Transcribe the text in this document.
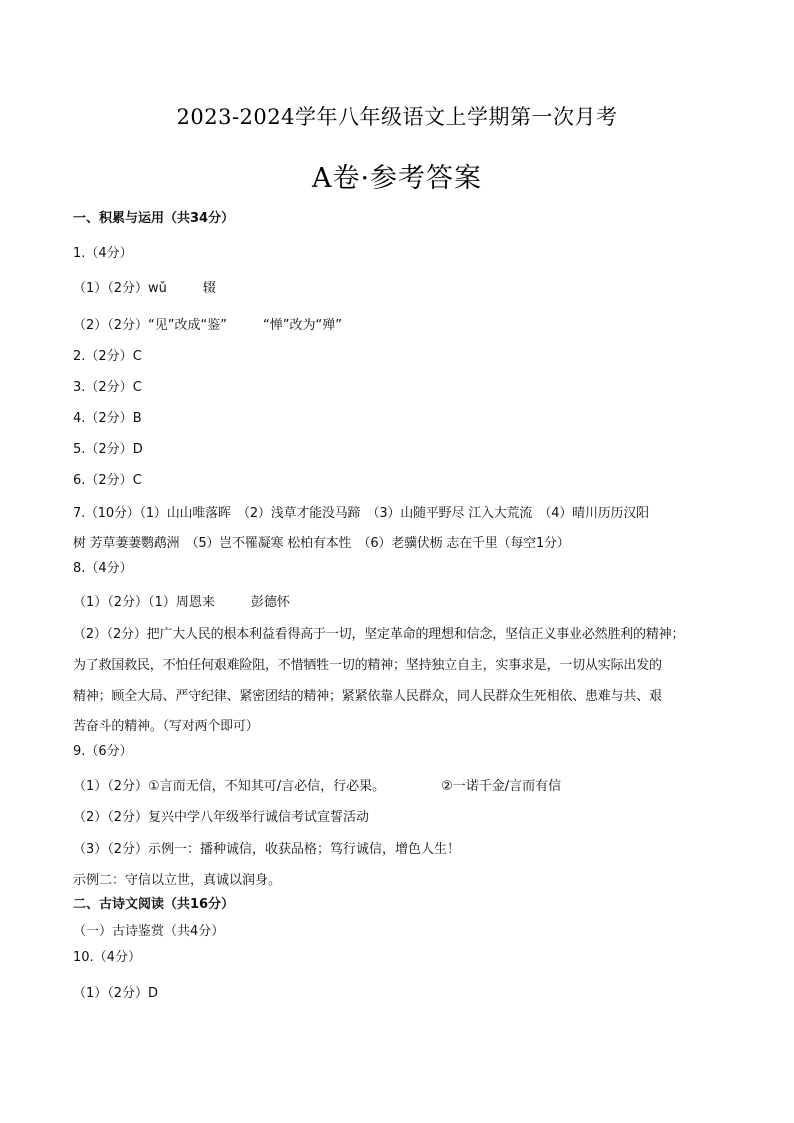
2023-2024学年八年级语文上学期第一次月考
A卷·参考答案
一、积累与运用（共34分）
1.（4分）
（1）（2分）wǔ	辍
（2）（2分）“见”改成“鉴”	“惮”改为“殚”
2.（2分）C
3.（2分）C
4.（2分）B
5.（2分）D
6.（2分）C
7.（10分）（1）山山唯落晖　（2）浅草才能没马蹄　（3）山随平野尽 江入大荒流　（4）晴川历历汉阳
树 芳草萋萋鹦鹉洲　（5）岂不罹凝寒 松柏有本性　（6）老骥伏枥 志在千里（每空1分）
8.（4分）
（1）（2分）（1）周恩来	彭德怀
（2）（2分）把广大人民的根本利益看得高于一切，坚定革命的理想和信念，坚信正义事业必然胜利的精神；
为了救国救民，不怕任何艰难险阻，不惜牺牲一切的精神；坚持独立自主，实事求是，一切从实际出发的
精神；顾全大局、严守纪律、紧密团结的精神；紧紧依靠人民群众，同人民群众生死相依、患难与共、艰
苦奋斗的精神。（写对两个即可）
9.（6分）
（1）（2分）①言而无信，不知其可/言必信，行必果。	②一诺千金/言而有信
（2）（2分）复兴中学八年级举行诚信考试宣誓活动
（3）（2分）示例一：播种诚信，收获品格；笃行诚信，增色人生！
示例二：守信以立世，真诚以润身。
二、古诗文阅读（共16分）
（一）古诗鉴赏（共4分）
10.（4分）
（1）（2分）D
